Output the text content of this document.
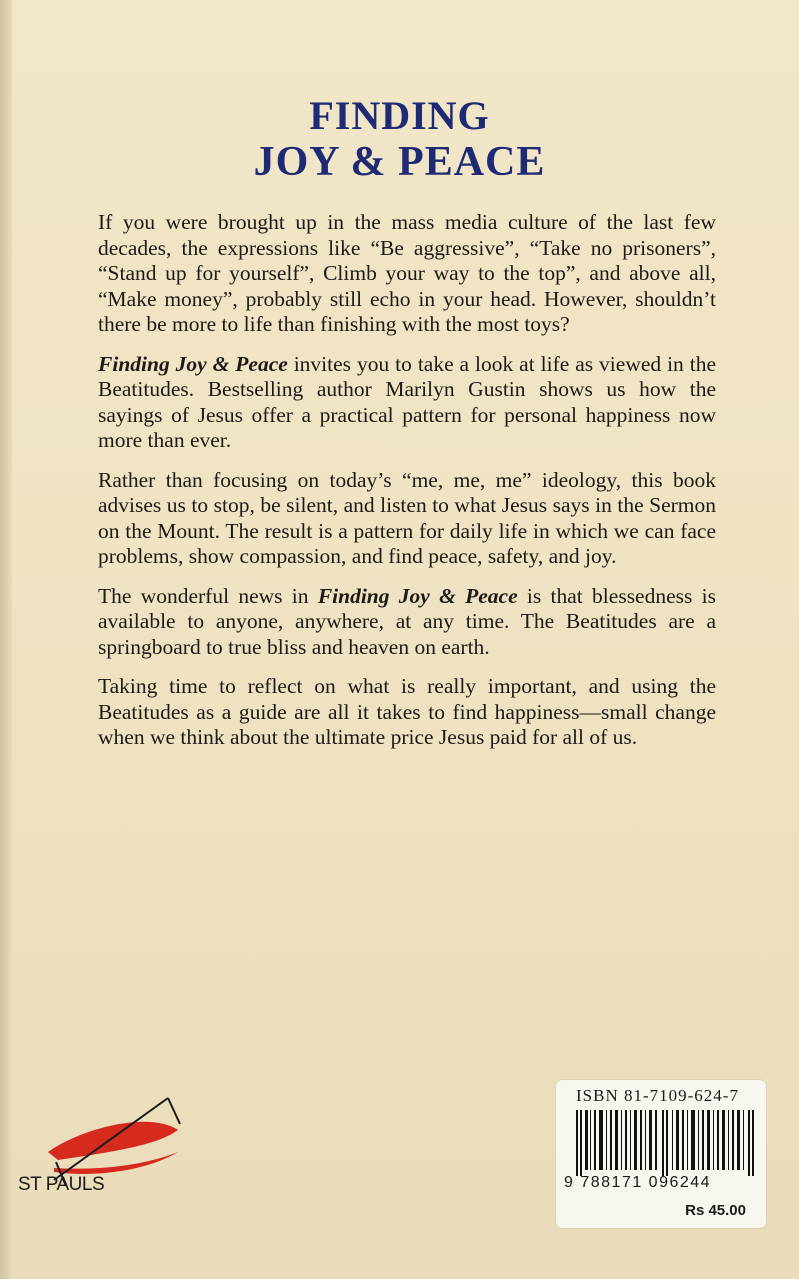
FINDING
JOY & PEACE

If you were brought up in the mass media culture of the last few decades, the expressions like “Be aggressive”, “Take no prisoners”, “Stand up for yourself”, Climb your way to the top”, and above all, “Make money”, probably still echo in your head. However, shouldn’t there be more to life than finishing with the most toys?

Finding Joy & Peace invites you to take a look at life as viewed in the Beatitudes. Bestselling author Marilyn Gustin shows us how the sayings of Jesus offer a practical pattern for personal happiness now more than ever.

Rather than focusing on today’s “me, me, me” ideology, this book advises us to stop, be silent, and listen to what Jesus says in the Sermon on the Mount. The result is a pattern for daily life in which we can face problems, show compassion, and find peace, safety, and joy.

The wonderful news in Finding Joy & Peace is that blessedness is available to anyone, anywhere, at any time. The Beatitudes are a springboard to true bliss and heaven on earth.

Taking time to reflect on what is really important, and using the Beatitudes as a guide are all it takes to find happiness—small change when we think about the ultimate price Jesus paid for all of us.

ST PAULS
ISBN 81-7109-624-7
9 788171 096244
Rs 45.00
